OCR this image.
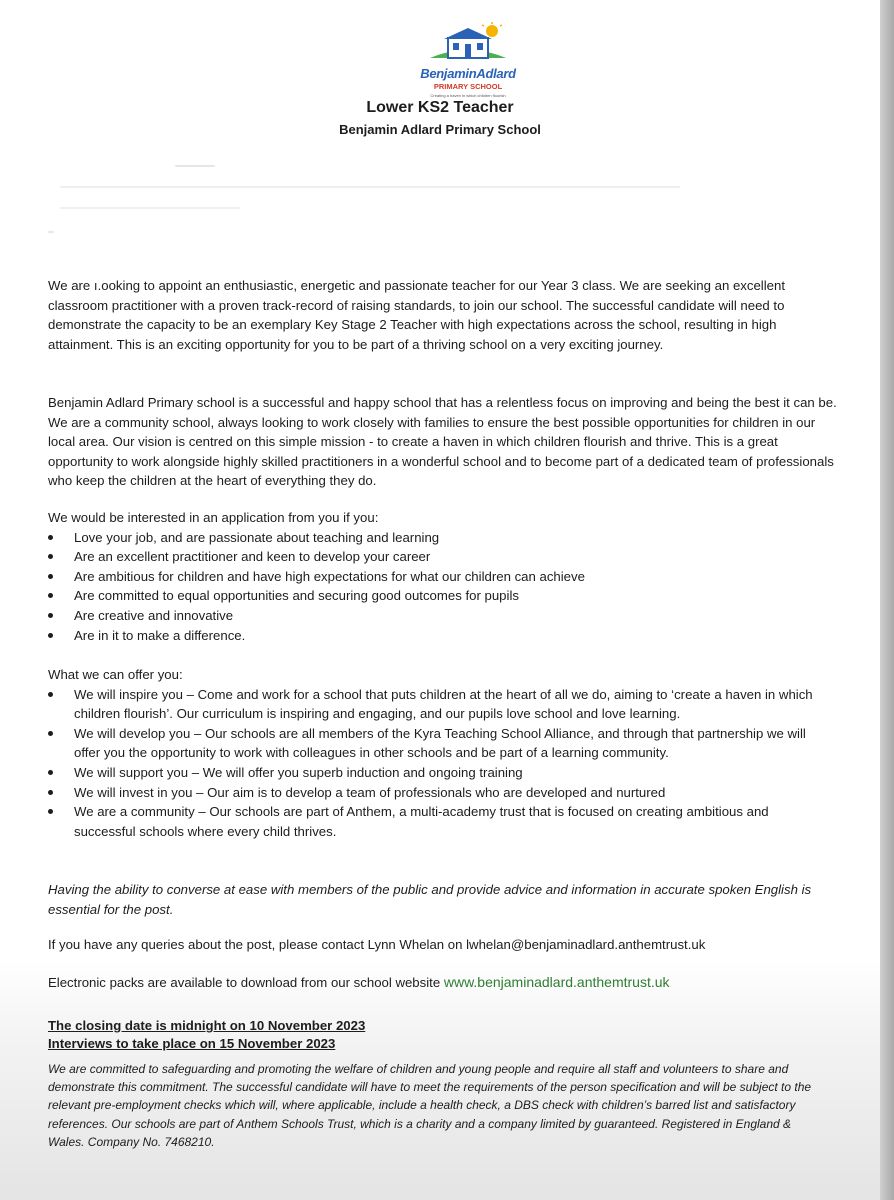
BenjaminAdlard
PRIMARY SCHOOL
Creating a haven in which children flourish
Lower KS2 Teacher
Benjamin Adlard Primary School
We are ı.ooking to appoint an enthusiastic, energetic and passionate teacher for our Year 3 class. We are seeking an excellent classroom practitioner with a proven track-record of raising standards, to join our school. The successful candidate will need to demonstrate the capacity to be an exemplary Key Stage 2 Teacher with high expectations across the school, resulting in high attainment. This is an exciting opportunity for you to be part of a thriving school on a very exciting journey.
Benjamin Adlard Primary school is a successful and happy school that has a relentless focus on improving and being the best it can be. We are a community school, always looking to work closely with families to ensure the best possible opportunities for children in our local area. Our vision is centred on this simple mission - to create a haven in which children flourish and thrive. This is a great opportunity to work alongside highly skilled practitioners in a wonderful school and to become part of a dedicated team of professionals who keep the children at the heart of everything they do.
We would be interested in an application from you if you:
Love your job, and are passionate about teaching and learning
Are an excellent practitioner and keen to develop your career
Are ambitious for children and have high expectations for what our children can achieve
Are committed to equal opportunities and securing good outcomes for pupils
Are creative and innovative
Are in it to make a difference.
What we can offer you:
We will inspire you – Come and work for a school that puts children at the heart of all we do, aiming to ‘create a haven in which children flourish’. Our curriculum is inspiring and engaging, and our pupils love school and love learning.
We will develop you – Our schools are all members of the Kyra Teaching School Alliance, and through that partnership we will offer you the opportunity to work with colleagues in other schools and be part of a learning community.
We will support you – We will offer you superb induction and ongoing training
We will invest in you – Our aim is to develop a team of professionals who are developed and nurtured
We are a community – Our schools are part of Anthem, a multi-academy trust that is focused on creating ambitious and successful schools where every child thrives.
Having the ability to converse at ease with members of the public and provide advice and information in accurate spoken English is essential for the post.
If you have any queries about the post, please contact Lynn Whelan on lwhelan@benjaminadlard.anthemtrust.uk
Electronic packs are available to download from our school website www.benjaminadlard.anthemtrust.uk
The closing date is midnight on 10 November 2023
Interviews to take place on 15 November 2023
We are committed to safeguarding and promoting the welfare of children and young people and require all staff and volunteers to share and demonstrate this commitment. The successful candidate will have to meet the requirements of the person specification and will be subject to the relevant pre-employment checks which will, where applicable, include a health check, a DBS check with children’s barred list and satisfactory references. Our schools are part of Anthem Schools Trust, which is a charity and a company limited by guaranteed. Registered in England & Wales. Company No. 7468210.
